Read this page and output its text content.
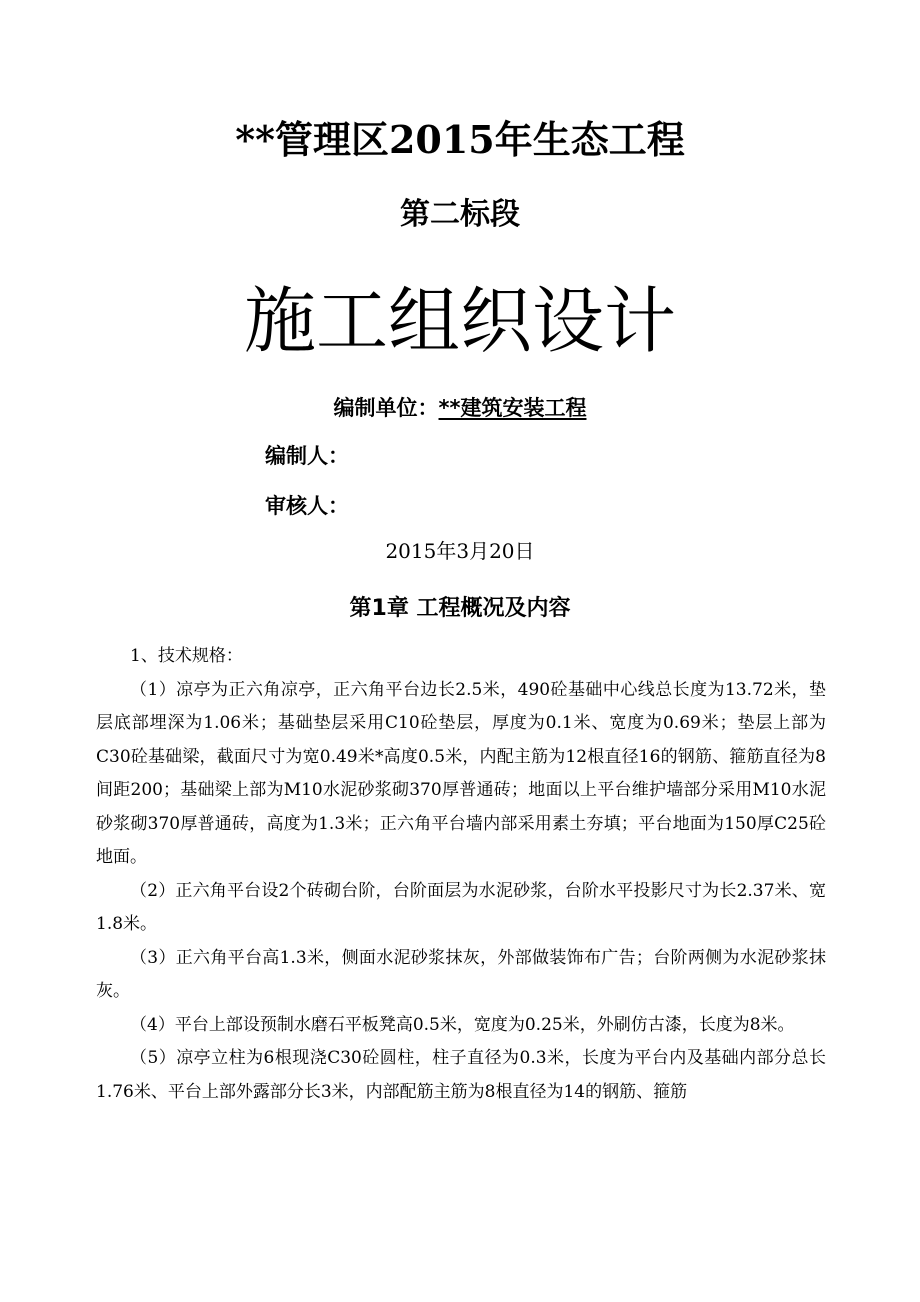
**管理区2015年生态工程
第二标段
施工组织设计
编制单位：**建筑安装工程
编制人：
审核人：
2015年3月20日
第1章 工程概况及内容

1、技术规格：

（1）凉亭为正六角凉亭，正六角平台边长2.5米，490砼基础中心线总长度为13.72米，垫层底部埋深为1.06米；基础垫层采用C10砼垫层，厚度为0.1米、宽度为0.69米；垫层上部为C30砼基础梁，截面尺寸为宽0.49米*高度0.5米，内配主筋为12根直径16的钢筋、箍筋直径为8间距200；基础梁上部为M10水泥砂浆砌370厚普通砖；地面以上平台维护墙部分采用M10水泥砂浆砌370厚普通砖，高度为1.3米；正六角平台墙内部采用素土夯填；平台地面为150厚C25砼地面。

（2）正六角平台设2个砖砌台阶，台阶面层为水泥砂浆，台阶水平投影尺寸为长2.37米、宽1.8米。

（3）正六角平台高1.3米，侧面水泥砂浆抹灰，外部做装饰布广告；台阶两侧为水泥砂浆抹灰。

（4）平台上部设预制水磨石平板凳高0.5米，宽度为0.25米，外刷仿古漆，长度为8米。

（5）凉亭立柱为6根现浇C30砼圆柱，柱子直径为0.3米，长度为平台内及基础内部分总长1.76米、平台上部外露部分长3米，内部配筋主筋为8根直径为14的钢筋、箍筋
